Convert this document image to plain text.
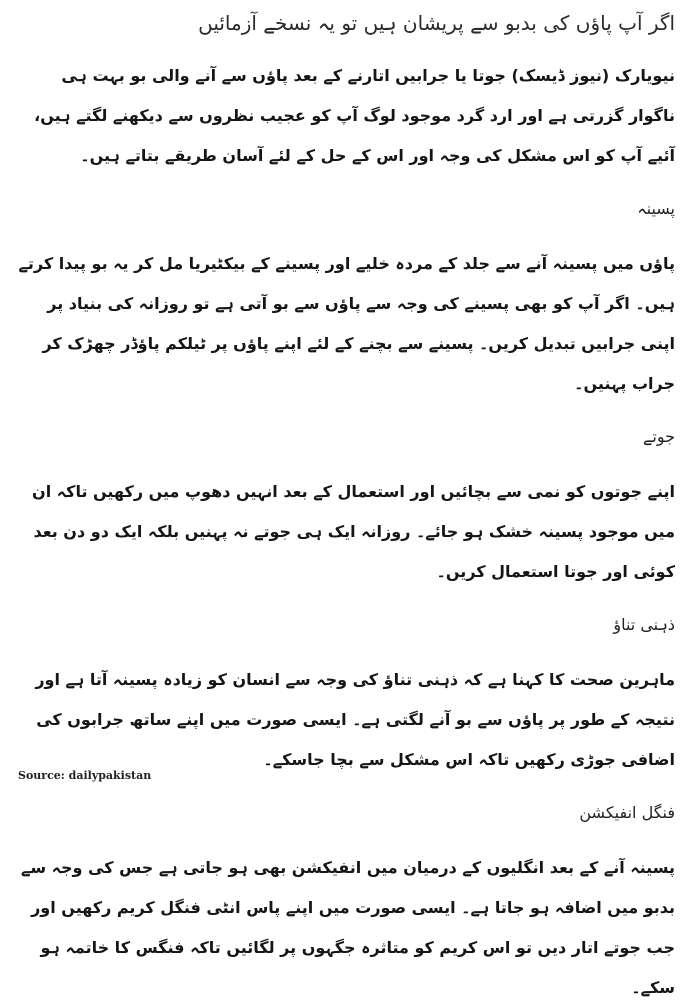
اگر آپ پاؤں کی بدبو سے پریشان ہیں تو یہ نسخے آزمائیں

نیویارک (نیوز ڈیسک) جوتا یا جرابیں اتارنے کے بعد پاؤں سے آنے والی بو بہت ہی ناگوار گزرتی ہے اور ارد گرد موجود لوگ آپ کو عجیب نظروں سے دیکھنے لگتے ہیں، آئیے آپ کو اس مشکل کی وجہ اور اس کے حل کے لئے آسان طریقے بتاتے ہیں۔

پسینہ

پاؤں میں پسینہ آنے سے جلد کے مردہ خلیے اور پسینے کے بیکٹیریا مل کر یہ بو پیدا کرتے ہیں۔ اگر آپ کو بھی پسینے کی وجہ سے پاؤں سے بو آتی ہے تو روزانہ کی بنیاد پر اپنی جرابیں تبدیل کریں۔ پسینے سے بچنے کے لئے اپنے پاؤں پر ٹیلکم پاؤڈر چھڑک کر جراب پہنیں۔

جوتے

اپنے جوتوں کو نمی سے بچائیں اور استعمال کے بعد انہیں دھوپ میں رکھیں تاکہ ان میں موجود پسینہ خشک ہو جائے۔ روزانہ ایک ہی جوتے نہ پہنیں بلکہ ایک دو دن بعد کوئی اور جوتا استعمال کریں۔

ذہنی تناؤ

ماہرین صحت کا کہنا ہے کہ ذہنی تناؤ کی وجہ سے انسان کو زیادہ پسینہ آتا ہے اور نتیجہ کے طور پر پاؤں سے بو آنے لگتی ہے۔ ایسی صورت میں اپنے ساتھ جرابوں کی اضافی جوڑی رکھیں تاکہ اس مشکل سے بچا جاسکے۔

فنگل انفیکشن

پسینہ آنے کے بعد انگلیوں کے درمیان میں انفیکشن بھی ہو جاتی ہے جس کی وجہ سے بدبو میں اضافہ ہو جاتا ہے۔ ایسی صورت میں اپنے پاس انٹی فنگل کریم رکھیں اور جب جوتے اتار دیں تو اس کریم کو متاثرہ جگہوں پر لگائیں تاکہ فنگس کا خاتمہ ہو سکے۔

Source: dailypakistan
